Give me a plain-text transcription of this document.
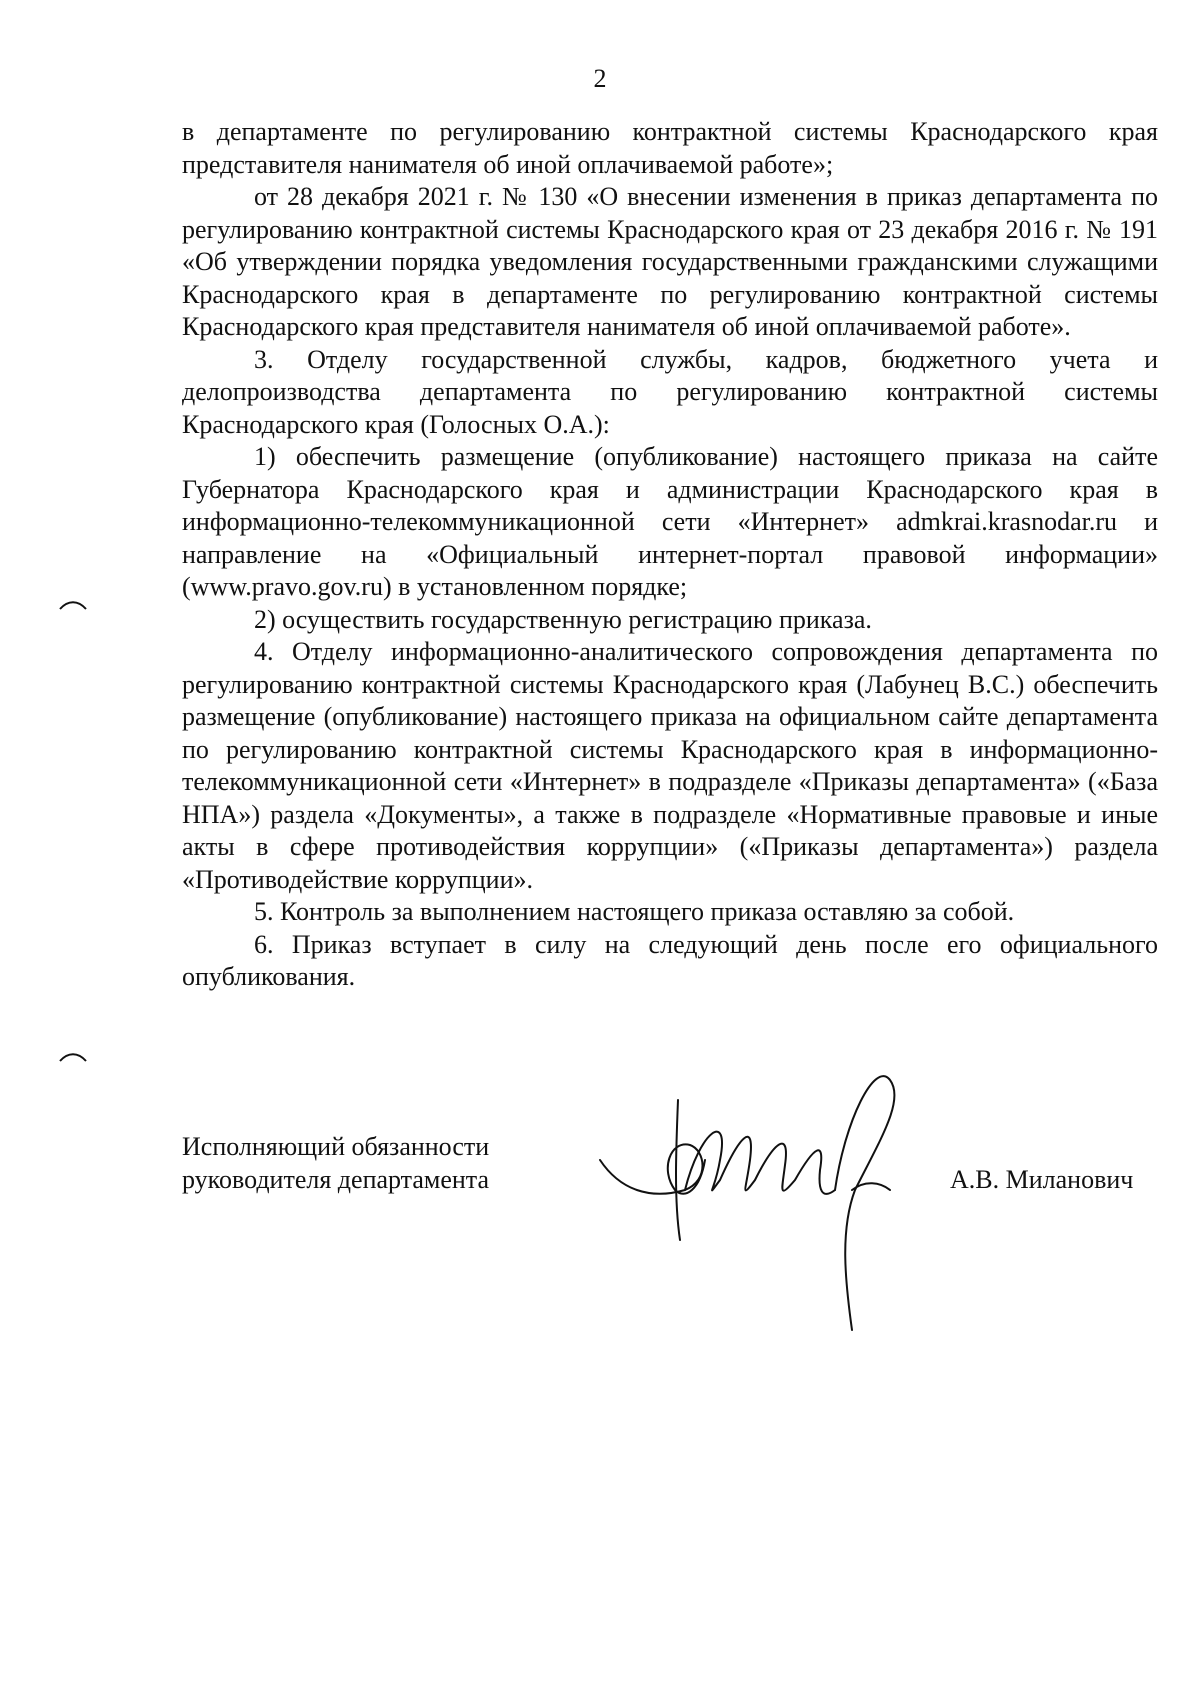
2

в департаменте по регулированию контрактной системы Краснодарского края представителя нанимателя об иной оплачиваемой работе»;

от 28 декабря 2021 г. № 130 «О внесении изменения в приказ департамента по регулированию контрактной системы Краснодарского края от 23 декабря 2016 г. № 191 «Об утверждении порядка уведомления государственными гражданскими служащими Краснодарского края в департаменте по регулированию контрактной системы Краснодарского края представителя нанимателя об иной оплачиваемой работе».

3. Отделу государственной службы, кадров, бюджетного учета и делопроизводства департамента по регулированию контрактной системы Краснодарского края (Голосных О.А.):

1) обеспечить размещение (опубликование) настоящего приказа на сайте Губернатора Краснодарского края и администрации Краснодарского края в информационно-телекоммуникационной сети «Интернет» admkrai.krasnodar.ru и направление на «Официальный интернет-портал правовой информации» (www.pravo.gov.ru) в установленном порядке;

2) осуществить государственную регистрацию приказа.

4. Отделу информационно-аналитического сопровождения департамента по регулированию контрактной системы Краснодарского края (Лабунец В.С.) обеспечить размещение (опубликование) настоящего приказа на официальном сайте департамента по регулированию контрактной системы Краснодарского края в информационно-телекоммуникационной сети «Интернет» в подразделе «Приказы департамента» («База НПА») раздела «Документы», а также в подразделе «Нормативные правовые и иные акты в сфере противодействия коррупции» («Приказы департамента») раздела «Противодействие коррупции».

5. Контроль за выполнением настоящего приказа оставляю за собой.

6. Приказ вступает в силу на следующий день после его официального опубликования.

Исполняющий обязанности
руководителя департамента	А.В. Миланович
